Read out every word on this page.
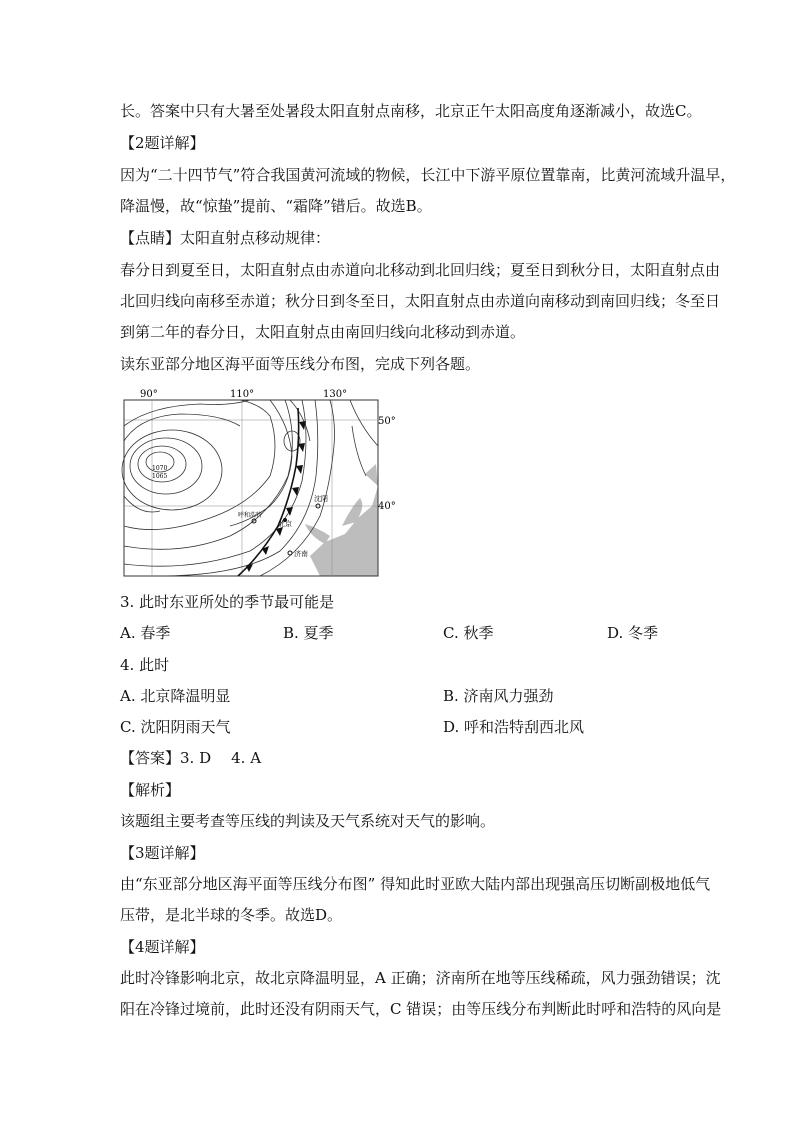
长。答案中只有大暑至处暑段太阳直射点南移，北京正午太阳高度角逐渐减小，故选C。
【2题详解】
因为“二十四节气”符合我国黄河流域的物候，长江中下游平原位置靠南，比黄河流域升温早，
降温慢，故“惊蛰”提前、“霜降”错后。故选B。
【点睛】太阳直射点移动规律：
春分日到夏至日，太阳直射点由赤道向北移动到北回归线；夏至日到秋分日，太阳直射点由
北回归线向南移至赤道；秋分日到冬至日，太阳直射点由赤道向南移动到南回归线；冬至日
到第二年的春分日，太阳直射点由南回归线向北移动到赤道。
读东亚部分地区海平面等压线分布图，完成下列各题。
90°	110°	130°
50°
40°
1070
1065
沈阳
呼和浩特
北京
济南
3. 此时东亚所处的季节最可能是
A. 春季	B. 夏季	C. 秋季	D. 冬季
4. 此时
A. 北京降温明显	B. 济南风力强劲
C. 沈阳阴雨天气	D. 呼和浩特刮西北风
【答案】3. D 4. A
【解析】
该题组主要考查等压线的判读及天气系统对天气的影响。
【3题详解】
由“东亚部分地区海平面等压线分布图” 得知此时亚欧大陆内部出现强高压切断副极地低气
压带，是北半球的冬季。故选D。
【4题详解】
此时冷锋影响北京，故北京降温明显，A 正确；济南所在地等压线稀疏，风力强劲错误；沈
阳在冷锋过境前，此时还没有阴雨天气，C 错误；由等压线分布判断此时呼和浩特的风向是
